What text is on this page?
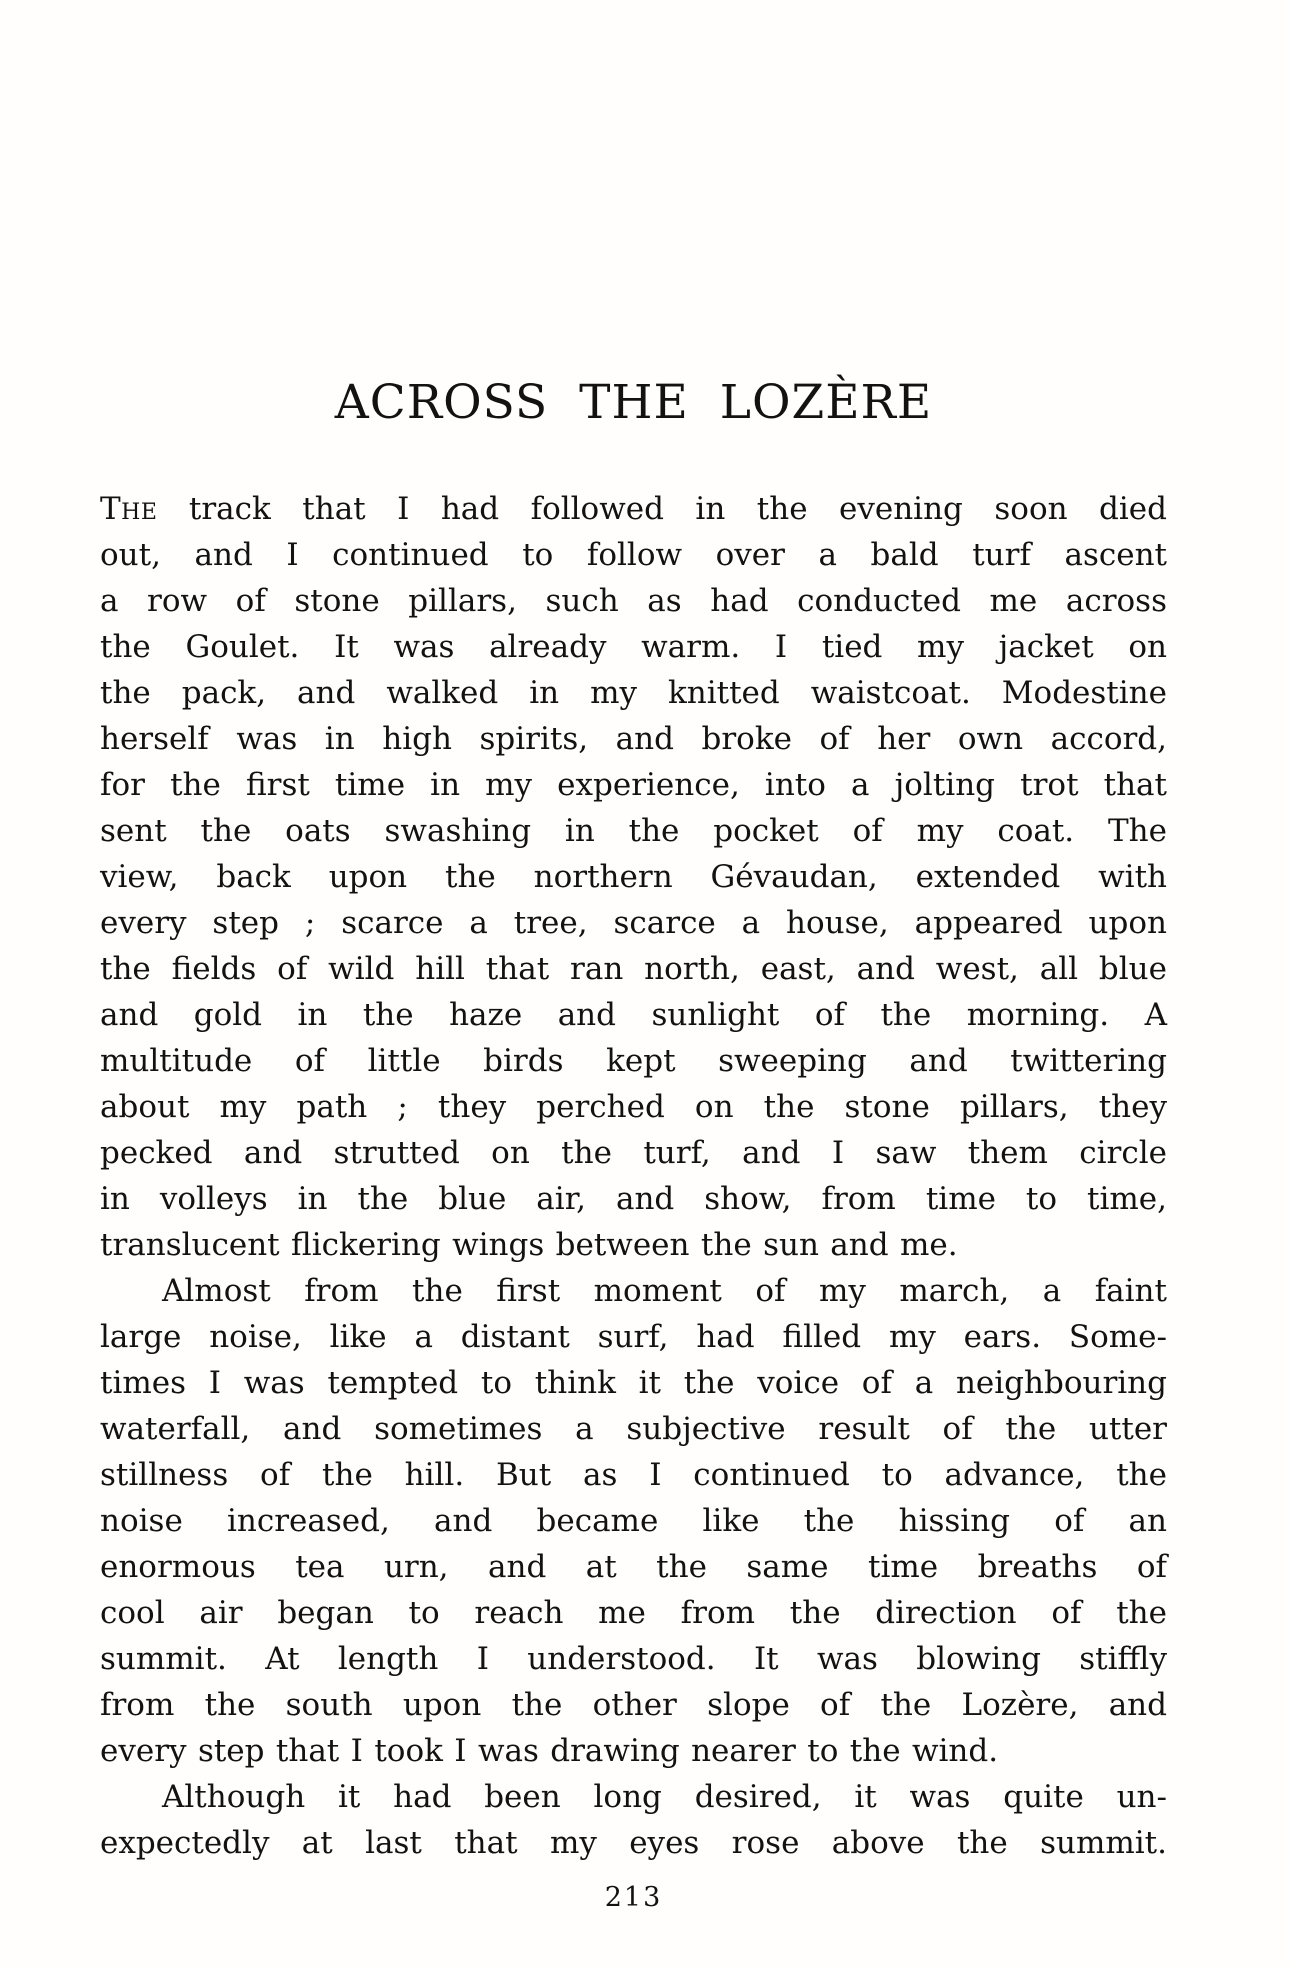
ACROSS THE LOZÈRE
The track that I had followed in the evening soon died
out, and I continued to follow over a bald turf ascent
a row of stone pillars, such as had conducted me across
the Goulet. It was already warm. I tied my jacket on
the pack, and walked in my knitted waistcoat. Modestine
herself was in high spirits, and broke of her own accord,
for the first time in my experience, into a jolting trot that
sent the oats swashing in the pocket of my coat. The
view, back upon the northern Gévaudan, extended with
every step ; scarce a tree, scarce a house, appeared upon
the fields of wild hill that ran north, east, and west, all blue
and gold in the haze and sunlight of the morning. A
multitude of little birds kept sweeping and twittering
about my path ; they perched on the stone pillars, they
pecked and strutted on the turf, and I saw them circle
in volleys in the blue air, and show, from time to time,
translucent flickering wings between the sun and me.
Almost from the first moment of my march, a faint
large noise, like a distant surf, had filled my ears. Some-
times I was tempted to think it the voice of a neighbouring
waterfall, and sometimes a subjective result of the utter
stillness of the hill. But as I continued to advance, the
noise increased, and became like the hissing of an
enormous tea urn, and at the same time breaths of
cool air began to reach me from the direction of the
summit. At length I understood. It was blowing stiffly
from the south upon the other slope of the Lozère, and
every step that I took I was drawing nearer to the wind.
Although it had been long desired, it was quite un-
expectedly at last that my eyes rose above the summit.
213
